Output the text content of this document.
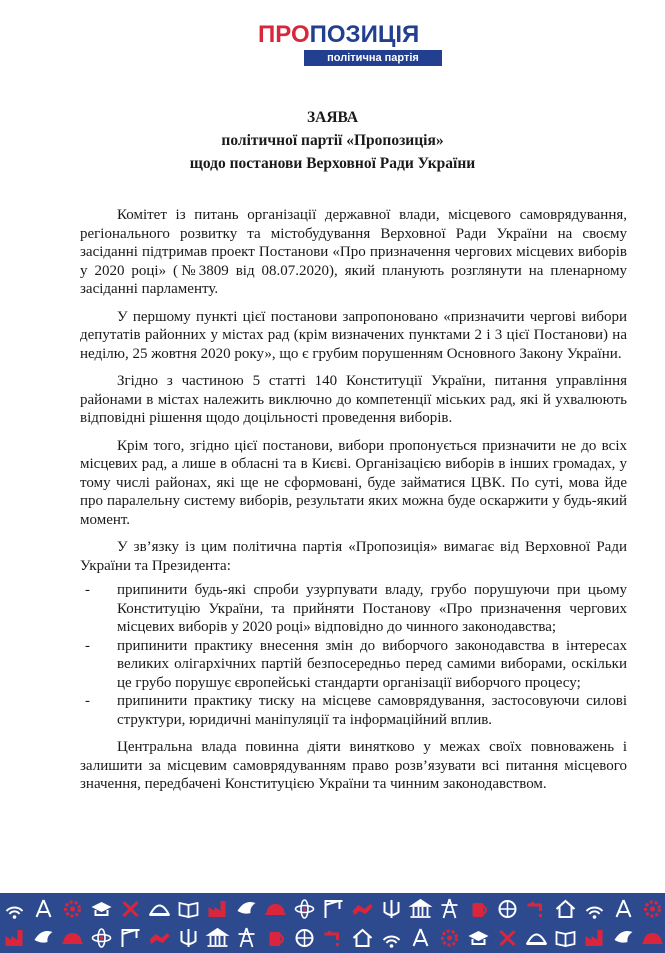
ПРОПОЗИЦІЯ
політична партія
ЗАЯВА
політичної партії «Пропозиція»
щодо постанови Верховної Ради України

Комітет із питань організації державної влади, місцевого самоврядування, регіонального розвитку та містобудування Верховної Ради України на своєму засіданні підтримав проект Постанови «Про призначення чергових місцевих виборів у 2020 році» (№3809 від 08.07.2020), який планують розглянути на пленарному засіданні парламенту.

У першому пункті цієї постанови запропоновано «призначити чергові вибори депутатів районних у містах рад (крім визначених пунктами 2 і 3 цієї Постанови) на неділю, 25 жовтня 2020 року», що є грубим порушенням Основного Закону України.

Згідно з частиною 5 статті 140 Конституції України, питання управління районами в містах належить виключно до компетенції міських рад, які й ухвалюють відповідні рішення щодо доцільності проведення виборів.

Крім того, згідно цієї постанови, вибори пропонується призначити не до всіх місцевих рад, а лише в обласні та в Києві. Організацією виборів в інших громадах, у тому числі районах, які ще не сформовані, буде займатися ЦВК. По суті, мова йде про паралельну систему виборів, результати яких можна буде оскаржити у будь-який момент.

У зв’язку із цим політична партія «Пропозиція» вимагає від Верховної Ради України та Президента:

- припинити будь-які спроби узурпувати владу, грубо порушуючи при цьому Конституцію України, та прийняти Постанову «Про призначення чергових місцевих виборів у 2020 році» відповідно до чинного законодавства;
- припинити практику внесення змін до виборчого законодавства в інтересах великих олігархічних партій безпосередньо перед самими виборами, оскільки це грубо порушує європейські стандарти організації виборчого процесу;
- припинити практику тиску на місцеве самоврядування, застосовуючи силові структури, юридичні маніпуляції та інформаційний вплив.

Центральна влада повинна діяти винятково у межах своїх повноважень і залишити за місцевим самоврядуванням право розв’язувати всі питання місцевого значення, передбачені Конституцією України та чинним законодавством.
